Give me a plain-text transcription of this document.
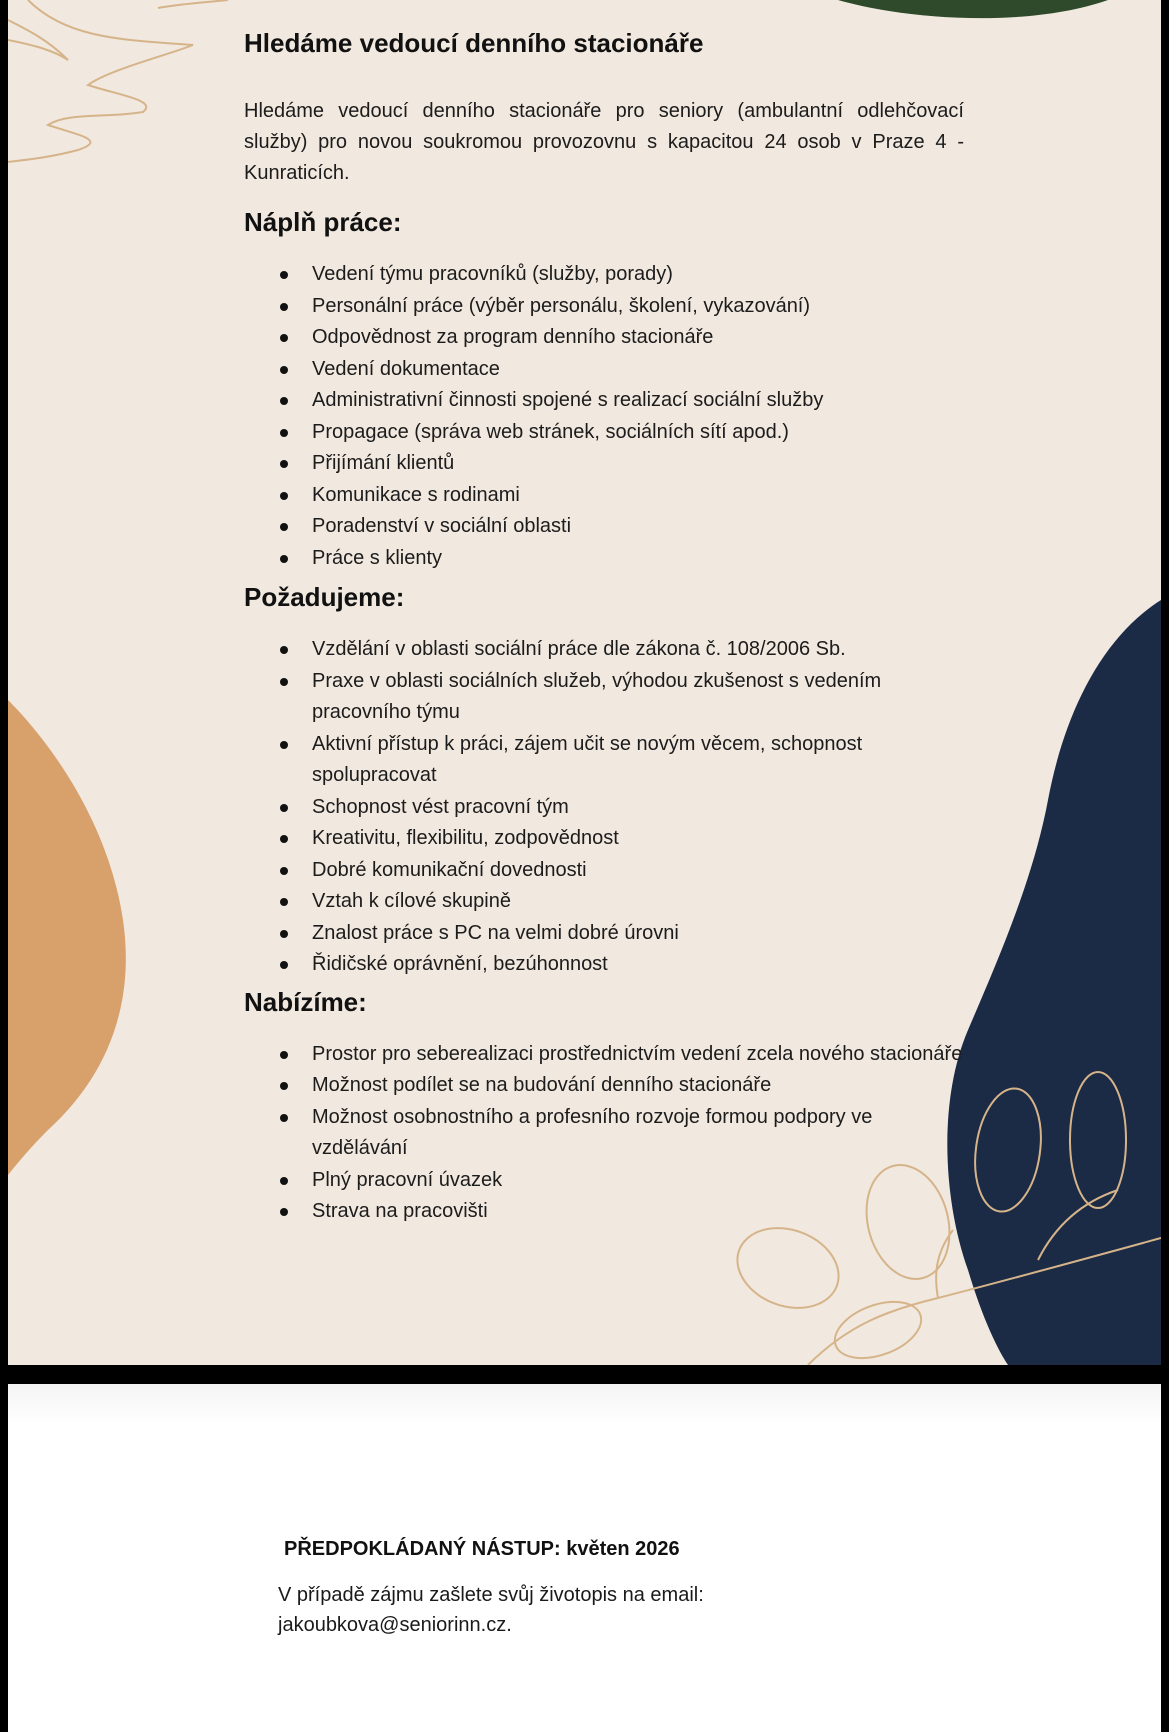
Hledáme vedoucí denního stacionáře

Hledáme vedoucí denního stacionáře pro seniory (ambulantní odlehčovací služby) pro novou soukromou provozovnu s kapacitou 24 osob v Praze 4 - Kunraticích.

Náplň práce:
Vedení týmu pracovníků (služby, porady)
Personální práce (výběr personálu, školení, vykazování)
Odpovědnost za program denního stacionáře
Vedení dokumentace
Administrativní činnosti spojené s realizací sociální služby
Propagace (správa web stránek, sociálních sítí apod.)
Přijímání klientů
Komunikace s rodinami
Poradenství v sociální oblasti
Práce s klienty
Požadujeme:
Vzdělání v oblasti sociální práce dle zákona č. 108/2006 Sb.
Praxe v oblasti sociálních služeb, výhodou zkušenost s vedením pracovního týmu
Aktivní přístup k práci, zájem učit se novým věcem, schopnost spolupracovat
Schopnost vést pracovní tým
Kreativitu, flexibilitu, zodpovědnost
Dobré komunikační dovednosti
Vztah k cílové skupině
Znalost práce s PC na velmi dobré úrovni
Řidičské oprávnění, bezúhonnost
Nabízíme:
Prostor pro seberealizaci prostřednictvím vedení zcela nového stacionáře
Možnost podílet se na budování denního stacionáře
Možnost osobnostního a profesního rozvoje formou podpory ve vzdělávání
Plný pracovní úvazek
Strava na pracovišti
PŘEDPOKLÁDANÝ NÁSTUP: květen 2026
V případě zájmu zašlete svůj životopis na email:
jakoubkova@seniorinn.cz.
